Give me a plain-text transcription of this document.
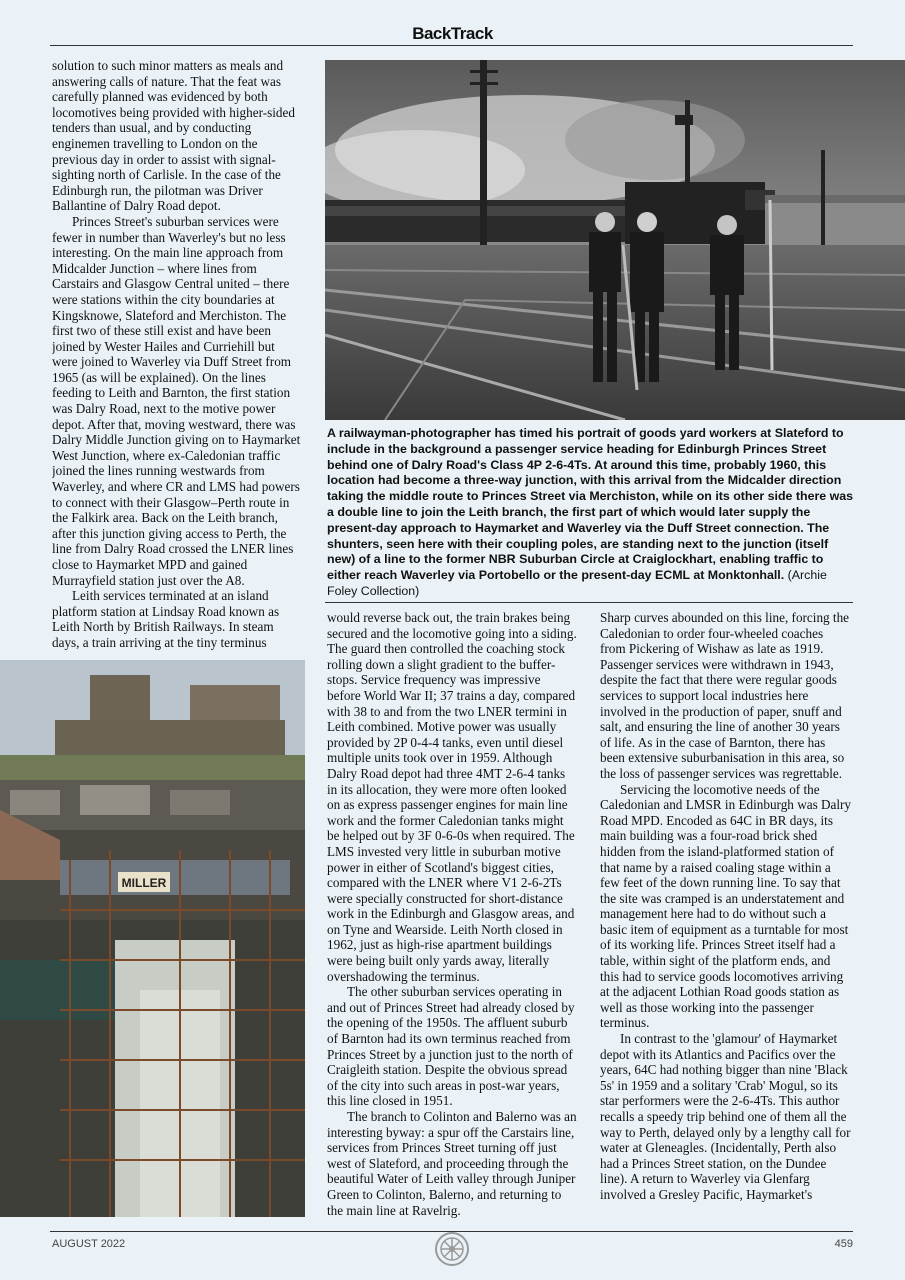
BackTrack

solution to such minor matters as meals and answering calls of nature. That the feat was carefully planned was evidenced by both locomotives being provided with higher-sided tenders than usual, and by conducting enginemen travelling to London on the previous day in order to assist with signal-sighting north of Carlisle. In the case of the Edinburgh run, the pilotman was Driver Ballantine of Dalry Road depot.

Princes Street's suburban services were fewer in number than Waverley's but no less interesting. On the main line approach from Midcalder Junction – where lines from Carstairs and Glasgow Central united – there were stations within the city boundaries at Kingsknowe, Slateford and Merchiston. The first two of these still exist and have been joined by Wester Hailes and Curriehill but were joined to Waverley via Duff Street from 1965 (as will be explained). On the lines feeding to Leith and Barnton, the first station was Dalry Road, next to the motive power depot. After that, moving westward, there was Dalry Middle Junction giving on to Haymarket West Junction, where ex-Caledonian traffic joined the lines running westwards from Waverley, and where CR and LMS had powers to connect with their Glasgow–Perth route in the Falkirk area. Back on the Leith branch, after this junction giving access to Perth, the line from Dalry Road crossed the LNER lines close to Haymarket MPD and gained Murrayfield station just over the A8.

Leith services terminated at an island platform station at Lindsay Road known as Leith North by British Railways. In steam days, a train arriving at the tiny terminus

A railwayman-photographer has timed his portrait of goods yard workers at Slateford to include in the background a passenger service heading for Edinburgh Princes Street behind one of Dalry Road's Class 4P 2-6-4Ts. At around this time, probably 1960, this location had become a three-way junction, with this arrival from the Midcalder direction taking the middle route to Princes Street via Merchiston, while on its other side there was a double line to join the Leith branch, the first part of which would later supply the present-day approach to Haymarket and Waverley via the Duff Street connection. The shunters, seen here with their coupling poles, are standing next to the junction (itself new) of a line to the former NBR Suburban Circle at Craiglockhart, enabling traffic to either reach Waverley via Portobello or the present-day ECML at Monktonhall. (Archie Foley Collection)
MILLER

would reverse back out, the train brakes being secured and the locomotive going into a siding. The guard then controlled the coaching stock rolling down a slight gradient to the buffer-stops. Service frequency was impressive before World War II; 37 trains a day, compared with 38 to and from the two LNER termini in Leith combined. Motive power was usually provided by 2P 0-4-4 tanks, even until diesel multiple units took over in 1959. Although Dalry Road depot had three 4MT 2-6-4 tanks in its allocation, they were more often looked on as express passenger engines for main line work and the former Caledonian tanks might be helped out by 3F 0-6-0s when required. The LMS invested very little in suburban motive power in either of Scotland's biggest cities, compared with the LNER where V1 2-6-2Ts were specially constructed for short-distance work in the Edinburgh and Glasgow areas, and on Tyne and Wearside. Leith North closed in 1962, just as high-rise apartment buildings were being built only yards away, literally overshadowing the terminus.

The other suburban services operating in and out of Princes Street had already closed by the opening of the 1950s. The affluent suburb of Barnton had its own terminus reached from Princes Street by a junction just to the north of Craigleith station. Despite the obvious spread of the city into such areas in post-war years, this line closed in 1951.

The branch to Colinton and Balerno was an interesting byway: a spur off the Carstairs line, services from Princes Street turning off just west of Slateford, and proceeding through the beautiful Water of Leith valley through Juniper Green to Colinton, Balerno, and returning to the main line at Ravelrig.

Sharp curves abounded on this line, forcing the Caledonian to order four-wheeled coaches from Pickering of Wishaw as late as 1919. Passenger services were withdrawn in 1943, despite the fact that there were regular goods services to support local industries here involved in the production of paper, snuff and salt, and ensuring the line of another 30 years of life. As in the case of Barnton, there has been extensive suburbanisation in this area, so the loss of passenger services was regrettable.

Servicing the locomotive needs of the Caledonian and LMSR in Edinburgh was Dalry Road MPD. Encoded as 64C in BR days, its main building was a four-road brick shed hidden from the island-platformed station of that name by a raised coaling stage within a few feet of the down running line. To say that the site was cramped is an understatement and management here had to do without such a basic item of equipment as a turntable for most of its working life. Princes Street itself had a table, within sight of the platform ends, and this had to service goods locomotives arriving at the adjacent Lothian Road goods station as well as those working into the passenger terminus.

In contrast to the 'glamour' of Haymarket depot with its Atlantics and Pacifics over the years, 64C had nothing bigger than nine 'Black 5s' in 1959 and a solitary 'Crab' Mogul, so its star performers were the 2-6-4Ts. This author recalls a speedy trip behind one of them all the way to Perth, delayed only by a lengthy call for water at Gleneagles. (Incidentally, Perth also had a Princes Street station, on the Dundee line). A return to Waverley via Glenfarg involved a Gresley Pacific, Haymarket's

AUGUST 2022	459
